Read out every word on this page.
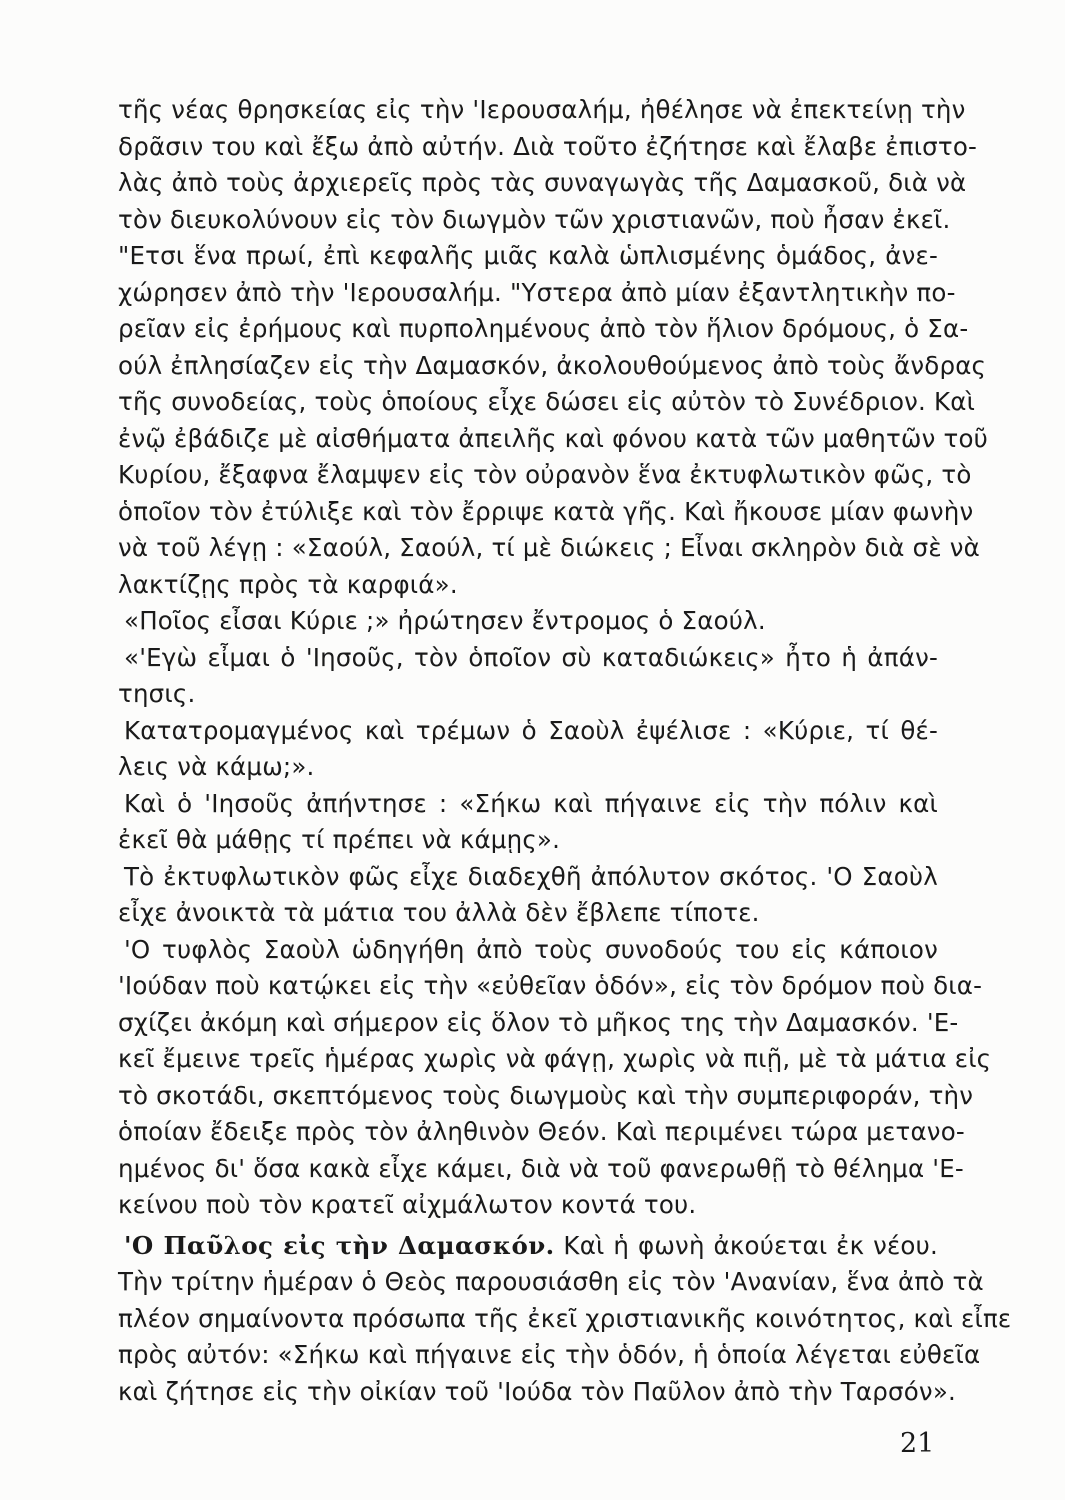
τῆς νέας θρησκείας εἰς τὴν 'Ιερουσαλήμ, ἠθέλησε νὰ ἐπεκτείνῃ τὴν
δρᾶσιν του καὶ ἔξω ἀπὸ αὐτήν. Διὰ τοῦτο ἐζήτησε καὶ ἔλαβε ἐπιστο-
λὰς ἀπὸ τοὺς ἀρχιερεῖς πρὸς τὰς συναγωγὰς τῆς Δαμασκοῦ, διὰ νὰ
τὸν διευκολύνουν εἰς τὸν διωγμὸν τῶν χριστιανῶν, ποὺ ἦσαν ἐκεῖ.
"Ετσι ἕνα πρωί, ἐπὶ κεφαλῆς μιᾶς καλὰ ὡπλισμένης ὁμάδος, ἀνε-
χώρησεν ἀπὸ τὴν 'Ιερουσαλήμ. "Υστερα ἀπὸ μίαν ἐξαντλητικὴν πο-
ρεῖαν εἰς ἐρήμους καὶ πυρπολημένους ἀπὸ τὸν ἥλιον δρόμους, ὁ Σα-
ούλ ἐπλησίαζεν εἰς τὴν Δαμασκόν, ἀκολουθούμενος ἀπὸ τοὺς ἄνδρας
τῆς συνοδείας, τοὺς ὁποίους εἶχε δώσει εἰς αὐτὸν τὸ Συνέδριον. Καὶ
ἐνῷ ἐβάδιζε μὲ αἰσθήματα ἀπειλῆς καὶ φόνου κατὰ τῶν μαθητῶν τοῦ
Κυρίου, ἔξαφνα ἔλαμψεν εἰς τὸν οὐρανὸν ἕνα ἐκτυφλωτικὸν φῶς, τὸ
ὁποῖον τὸν ἐτύλιξε καὶ τὸν ἔρριψε κατὰ γῆς. Καὶ ἤκουσε μίαν φωνὴν
νὰ τοῦ λέγῃ : «Σαούλ, Σαούλ, τί μὲ διώκεις ; Εἶναι σκληρὸν διὰ σὲ νὰ
λακτίζῃς πρὸς τὰ καρφιά».
«Ποῖος εἶσαι Κύριε ;» ἠρώτησεν ἔντρομος ὁ Σαούλ.
«'Εγὼ εἶμαι ὁ 'Ιησοῦς, τὸν ὁποῖον σὺ καταδιώκεις» ἦτο ἡ ἀπάν-
τησις.
Κατατρομαγμένος καὶ τρέμων ὁ Σαοὺλ ἐψέλισε : «Κύριε, τί θέ-
λεις νὰ κάμω;».
Καὶ ὁ 'Ιησοῦς ἀπήντησε : «Σήκω καὶ πήγαινε εἰς τὴν πόλιν καὶ
ἐκεῖ θὰ μάθῃς τί πρέπει νὰ κάμῃς».
Τὸ ἐκτυφλωτικὸν φῶς εἶχε διαδεχθῆ ἀπόλυτον σκότος. 'Ο Σαοὺλ
εἶχε ἀνοικτὰ τὰ μάτια του ἀλλὰ δὲν ἔβλεπε τίποτε.
'Ο τυφλὸς Σαοὺλ ὡδηγήθη ἀπὸ τοὺς συνοδούς του εἰς κάποιον
'Ιούδαν ποὺ κατῴκει εἰς τὴν «εὐθεῖαν ὁδόν», εἰς τὸν δρόμον ποὺ δια-
σχίζει ἀκόμη καὶ σήμερον εἰς ὅλον τὸ μῆκος της τὴν Δαμασκόν. 'Ε-
κεῖ ἔμεινε τρεῖς ἡμέρας χωρὶς νὰ φάγῃ, χωρὶς νὰ πιῇ, μὲ τὰ μάτια εἰς
τὸ σκοτάδι, σκεπτόμενος τοὺς διωγμοὺς καὶ τὴν συμπεριφοράν, τὴν
ὁποίαν ἔδειξε πρὸς τὸν ἀληθινὸν Θεόν. Καὶ περιμένει τώρα μετανο-
ημένος δι' ὅσα κακὰ εἶχε κάμει, διὰ νὰ τοῦ φανερωθῇ τὸ θέλημα 'Ε-
κείνου ποὺ τὸν κρατεῖ αἰχμάλωτον κοντά του.
'Ο Παῦλος εἰς τὴν Δαμασκόν. Καὶ ἡ φωνὴ ἀκούεται ἐκ νέου.
Τὴν τρίτην ἡμέραν ὁ Θεὸς παρουσιάσθη εἰς τὸν 'Ανανίαν, ἕνα ἀπὸ τὰ
πλέον σημαίνοντα πρόσωπα τῆς ἐκεῖ χριστιανικῆς κοινότητος, καὶ εἶπε
πρὸς αὐτόν: «Σήκω καὶ πήγαινε εἰς τὴν ὁδόν, ἡ ὁποία λέγεται εὐθεῖα
καὶ ζήτησε εἰς τὴν οἰκίαν τοῦ 'Ιούδα τὸν Παῦλον ἀπὸ τὴν Ταρσόν».
21
